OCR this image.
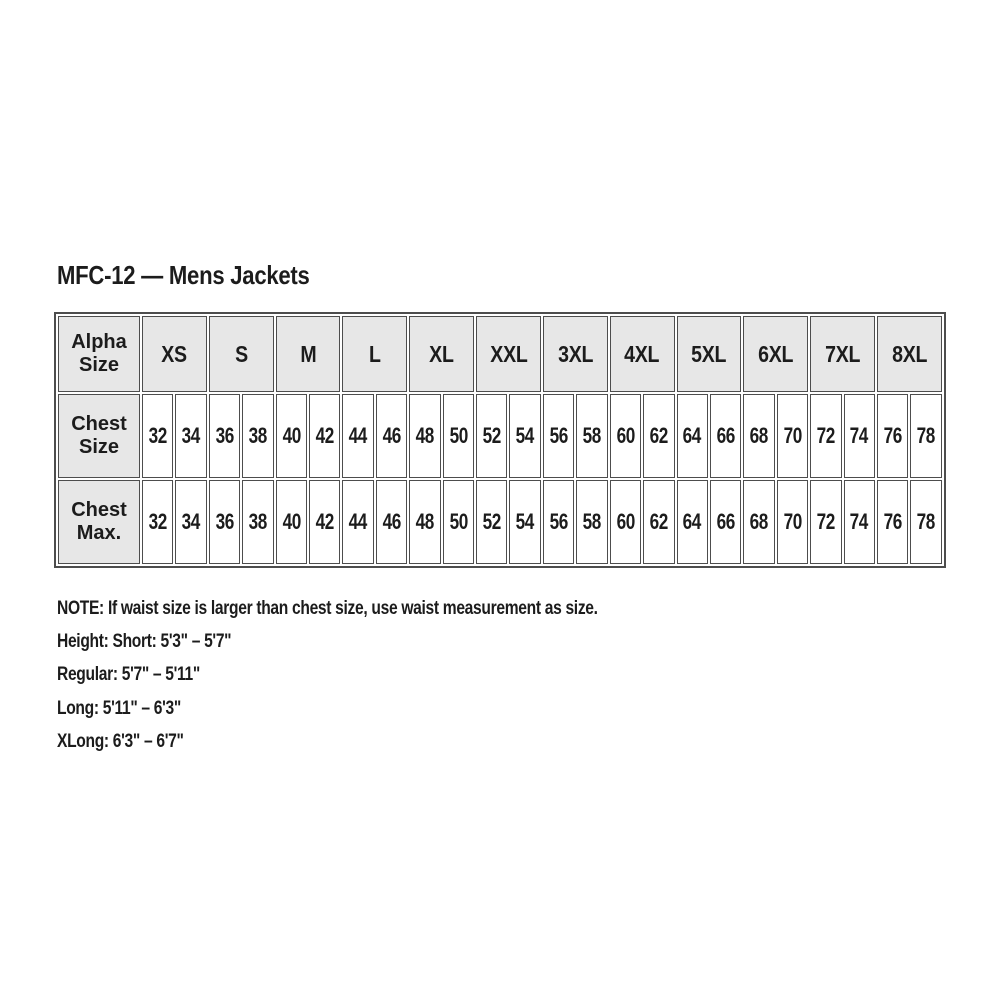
MFC-12 — Mens Jackets
Alpha Size	XS		S		M		L		XL		XXL		3XL		4XL		5XL		6XL		7XL		8XL	
Chest Size	32	34	36	38	40	42	44	46	48	50	52	54	56	58	60	62	64	66	68	70	72	74	76	78
Chest Max.	32	34	36	38	40	42	44	46	48	50	52	54	56	58	60	62	64	66	68	70	72	74	76	78

NOTE: If waist size is larger than chest size, use waist measurement as size.

Height: Short: 5'3" – 5'7"

Regular: 5'7" – 5'11"

Long: 5'11" – 6'3"

XLong: 6'3" – 6'7"
